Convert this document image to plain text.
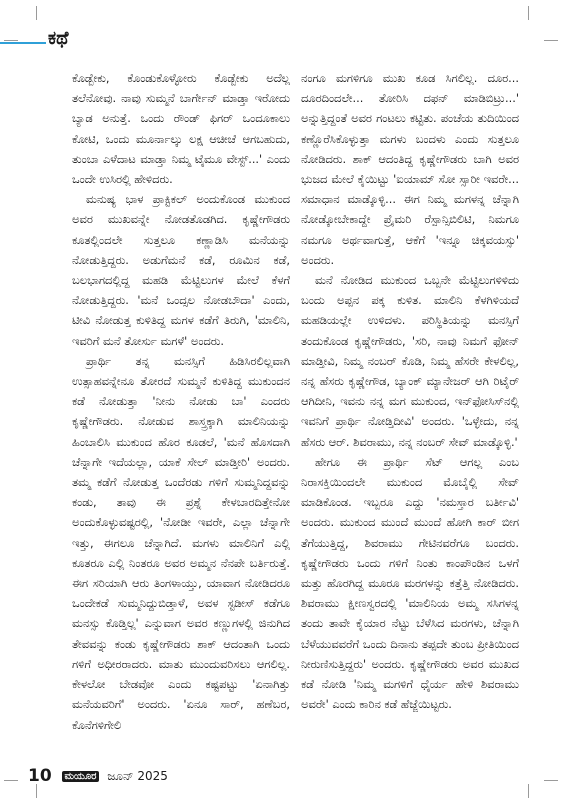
ಕಥೆ

ಕೊಡ್ಬೇಕು, ಕೊಂಡುಕೊಳ್ಳೋರು ಕೊಡ್ಬೇಕು ಅದೆಲ್ಲ ತಲೆನೋವು. ನಾವು ಸುಮ್ಮನೆ ಬಾರ್ಗೇನ್ ಮಾಡ್ತಾ ಇರೋದು ಬ್ಯಾಡ ಅನುತ್ತೆ. ಒಂದು ರೌಂಡ್ ಫಿಗರ್ ಒಂದೂಕಾಲು ಕೋಟಿ, ಒಂದು ಮೂರ್ನಾಲ್ಕು ಲಕ್ಷ ಆಚೀಚೆ ಆಗಬಹುದು, ತುಂಬಾ ಎಳೆದಾಟ ಮಾಡ್ತಾ ನಿಮ್ಮ ಟೈಮೂ ವೇಸ್ಟ್...' ಎಂದು ಒಂದೇ ಉಸಿರಲ್ಲಿ ಹೇಳಿದರು.

ಮನುಷ್ಯ ಭಾಳ ಪ್ರಾಕ್ಟಿಕಲ್ ಅಂದುಕೊಂಡ ಮುಕುಂದ ಅವರ ಮುಖವನ್ನೇ ನೋಡತೊಡಗಿದ. ಕೃಷ್ಣೇಗೌಡರು ಕೂತಲ್ಲಿಂದಲೇ ಸುತ್ತಲೂ ಕಣ್ಣಾಡಿಸಿ ಮನೆಯನ್ನು ನೋಡುತ್ತಿದ್ದರು. ಅಡುಗೆಮನೆ ಕಡೆ, ರೂಮಿನ ಕಡೆ, ಬಲಭಾಗದಲ್ಲಿದ್ದ ಮಹಡಿ ಮೆಟ್ಟಿಲುಗಳ ಮೇಲೆ ಕೆಳಗೆ ನೋಡುತ್ತಿದ್ದರು. 'ಮನೆ ಒಂದ್ಸಲ ನೋಡಬೌದಾ' ಎಂದು, ಟೀವಿ ನೋಡುತ್ತ ಕುಳಿತಿದ್ದ ಮಗಳ ಕಡೆಗೆ ತಿರುಗಿ, 'ಮಾಲಿನಿ, ಇವರಿಗೆ ಮನೆ ತೋರ್ಸು ಮಗಳೆ' ಅಂದರು.

ಪ್ರಾರ್ಥಿ ತನ್ನ ಮನಸ್ಸಿಗೆ ಹಿಡಿಸಿರಲಿಲ್ಲವಾಗಿ ಉತ್ಸಾಹವನ್ನೇನೂ ತೋರದೆ ಸುಮ್ಮನೆ ಕುಳಿತಿದ್ದ ಮುಕುಂದನ ಕಡೆ ನೋಡುತ್ತಾ 'ನೀನು ನೋಡು ಬಾ' ಎಂದರು ಕೃಷ್ಣೇಗೌಡರು. ನೋಡುವ ಶಾಸ್ತ್ರಕ್ಕಾಗಿ ಮಾಲಿನಿಯನ್ನು ಹಿಂಬಾಲಿಸಿ ಮುಕುಂದ ಹೊರ ಕೂಡಲೆ, 'ಮನೆ ಹೊಸದಾಗಿ ಚೆನ್ನಾಗೇ ಇದೆಯಲ್ಲಾ, ಯಾಕೆ ಸೇಲ್ ಮಾಡ್ತೀರಿ' ಅಂದರು. ತಮ್ಮ ಕಡೆಗೆ ನೋಡುತ್ತ ಒಂದೆರಡು ಗಳಿಗೆ ಸುಮ್ಮನಿದ್ದವನ್ನು ಕಂಡು, ತಾವು ಈ ಪ್ರಶ್ನೆ ಕೇಳಬಾರದಿತ್ತೇನೋ ಅಂದುಕೊಳ್ಳುವಷ್ಟರಲ್ಲಿ, 'ನೋಡೀ ಇವರೇ, ಎಲ್ಲಾ ಚೆನ್ನಾಗೇ ಇತ್ತು, ಈಗಲೂ ಚೆನ್ನಾಗಿದೆ. ಮಗಳು ಮಾಲಿನಿಗೆ ಎಲ್ಲಿ ಕೂತರೂ ಎಲ್ಲಿ ನಿಂತರೂ ಅವರ ಅಮ್ಮನ ನೆನಪೇ ಬರ್ತಿರುತ್ತೆ. ಈಗ ಸರಿಯಾಗಿ ಆರು ತಿಂಗಳಾಯ್ತು, ಯಾವಾಗ ನೋಡಿದರೂ ಒಂದೇಕಡೆ ಸುಮ್ಮನಿದ್ದುಬಿಡ್ತಾಳೆ, ಅವಳ ಸ್ಟಡೀಸ್ ಕಡೆಗೂ ಮನಸ್ಸು ಕೊಡ್ತಿಲ್ಲ' ಎನ್ನುವಾಗ ಅವರ ಕಣ್ಣುಗಳಲ್ಲಿ ಜಿನುಗಿದ ತೇವವನ್ನು ಕಂಡು ಕೃಷ್ಣೇಗೌಡರು ಶಾಕ್ ಆದಂತಾಗಿ ಒಂದು ಗಳಿಗೆ ಅಧೀರರಾದರು. ಮಾತು ಮುಂದುವರಿಸಲು ಆಗಲಿಲ್ಲ. ಕೇಳಲೋ ಬೇಡವೋ ಎಂದು ಕಷ್ಟಪಟ್ಟು 'ಏನಾಗಿತ್ತು ಮನೆಯವರಿಗೆ' ಅಂದರು. 'ಏನೂ ಸಾರ್, ಹಣೆಬರ, ಕೊನೆಗಳಿಗೇಲಿ

ನಂಗೂ ಮಗಳಿಗೂ ಮುಖ ಕೂಡ ಸಿಗಲಿಲ್ಲ. ದೂರ... ದೂರದಿಂದಲೇ... ತೋರಿಸಿ ದಫನ್ ಮಾಡಿಬಿಟ್ರು...' ಅನ್ನುತ್ತಿದ್ದಂತೆ ಅವರ ಗಂಟಲು ಕಟ್ಟಿತು. ಪಂಚೆಯ ತುದಿಯಿಂದ ಕಣ್ಣೊರೆಸಿಕೊಳ್ಳುತ್ತಾ ಮಗಳು ಬಂದಳು ಎಂದು ಸುತ್ತಲೂ ನೋಡಿದರು. ಶಾಕ್ ಆದಂತಿದ್ದ ಕೃಷ್ಣೇಗೌಡರು ಬಾಗಿ ಅವರ ಭುಜದ ಮೇಲೆ ಕೈಯಿಟ್ಟು 'ಐಯಾಮ್ ಸೋ ಸ್ಸಾರೀ ಇವರೇ... ಸಮಾಧಾನ ಮಾಡ್ಕೊಳ್ಳಿ... ಈಗ ನಿಮ್ಮ ಮಗಳನ್ನ ಚೆನ್ನಾಗಿ ನೋಡ್ಕೋಬೇಕಾದ್ದೇ ಪ್ರೈಮರಿ ರೆಸ್ಪಾನ್ಸಿಬಿಲಿಟಿ, ನಿಮಗೂ ನಮಗೂ ಅರ್ಥವಾಗುತ್ತೆ, ಆಕೆಗೆ 'ಇನ್ನೂ ಚಿಕ್ಕವಯಸ್ಸು' ಅಂದರು.

ಮನೆ ನೋಡಿದ ಮುಕುಂದ ಒಬ್ಬನೇ ಮೆಟ್ಟಿಲುಗಳಿಳಿದು ಬಂದು ಅಪ್ಪನ ಪಕ್ಕ ಕುಳಿತ. ಮಾಲಿನಿ ಕೆಳಗಿಳಿಯದೆ ಮಹಡಿಯಲ್ಲೇ ಉಳಿದಳು. ಪರಿಸ್ಥಿತಿಯನ್ನು ಮನಸ್ಸಿಗೆ ತಂದುಕೊಂಡ ಕೃಷ್ಣೇಗೌಡರು, 'ಸರಿ, ನಾವು ನಿಮಗೆ ಫೋನ್ ಮಾಡ್ತೀವಿ, ನಿಮ್ಮ ನಂಬರ್ ಕೊಡಿ, ನಿಮ್ಮ ಹೆಸರೇ ಕೇಳಲಿಲ್ಲ, ನನ್ನ ಹೆಸರು ಕೃಷ್ಣೇಗೌಡ, ಬ್ಯಾಂಕ್ ಮ್ಯಾನೇಜರ್ ಆಗಿ ರಿಟೈರ್ ಆಗಿದೀನಿ, ಇವನು ನನ್ನ ಮಗ ಮುಕುಂದ, ಇನ್‌ಫೋಸಿಸ್‌ನಲ್ಲಿ ಇವನಿಗೆ ಪ್ರಾರ್ಥಿ ನೋಡ್ತಿದೀವಿ' ಅಂದರು. 'ಒಳ್ಳೇದು, ನನ್ನ ಹೆಸರು ಆರ್. ಶಿವರಾಮು, ನನ್ನ ನಂಬರ್ ಸೇವ್ ಮಾಡ್ಕೊಳ್ಳಿ.'

ಹೇಗೂ ಈ ಪ್ರಾರ್ಥಿ ಸೆಟ್ ಆಗಲ್ಲ ಎಂಬ ನಿರಾಸಕ್ತಿಯಿಂದಲೇ ಮುಕುಂದ ಮೊಬೈಲ್ಲಿ ಸೇವ್ ಮಾಡಿಕೊಂಡ. ಇಬ್ಬರೂ ಎದ್ದು 'ನಮಸ್ತಾರ ಬರ್ತೀವಿ' ಅಂದರು. ಮುಕುಂದ ಮುಂದೆ ಮುಂದೆ ಹೋಗಿ ಕಾರ್ ಬೀಗ ತೆಗೆಯುತ್ತಿದ್ದ, ಶಿವರಾಮು ಗೇಟಿನವರೆಗೂ ಬಂದರು. ಕೃಷ್ಣೇಗೌಡರು ಒಂದು ಗಳಿಗೆ ನಿಂತು ಕಾಂಪೌಂಡಿನ ಒಳಗೆ ಮತ್ತು ಹೊರಗಿದ್ದ ಮೂರೂ ಮರಗಳನ್ನು ಕತ್ತೆತ್ತಿ ನೋಡಿದರು. ಶಿವರಾಮು ಕ್ಷೀಣಸ್ವರದಲ್ಲಿ 'ಮಾಲಿನಿಯ ಅಮ್ಮ ಸಸಿಗಳನ್ನ ತಂದು ತಾವೇ ಕೈಯಾರ ನೆಟ್ಟು ಬೆಳೆಸಿದ ಮರಗಳು, ಚೆನ್ನಾಗಿ ಬೆಳೆಯುವವರೆಗೆ ಒಂದು ದಿನಾನು ತಪ್ಪದೇ ತುಂಬ ಪ್ರೀತಿಯಿಂದ ನೀರುಣಿಸುತ್ತಿದ್ದರು' ಅಂದರು. ಕೃಷ್ಣೇಗೌಡರು ಅವರ ಮುಖದ ಕಡೆ ನೋಡಿ 'ನಿಮ್ಮ ಮಗಳಿಗೆ ಧೈರ್ಯ ಹೇಳಿ ಶಿವರಾಮು ಅವರೇ' ಎಂದು ಕಾರಿನ ಕಡೆ ಹೆಜ್ಜೆಯಿಟ್ಟರು.

10 ಮಯೂರ ಜೂನ್ 2025
